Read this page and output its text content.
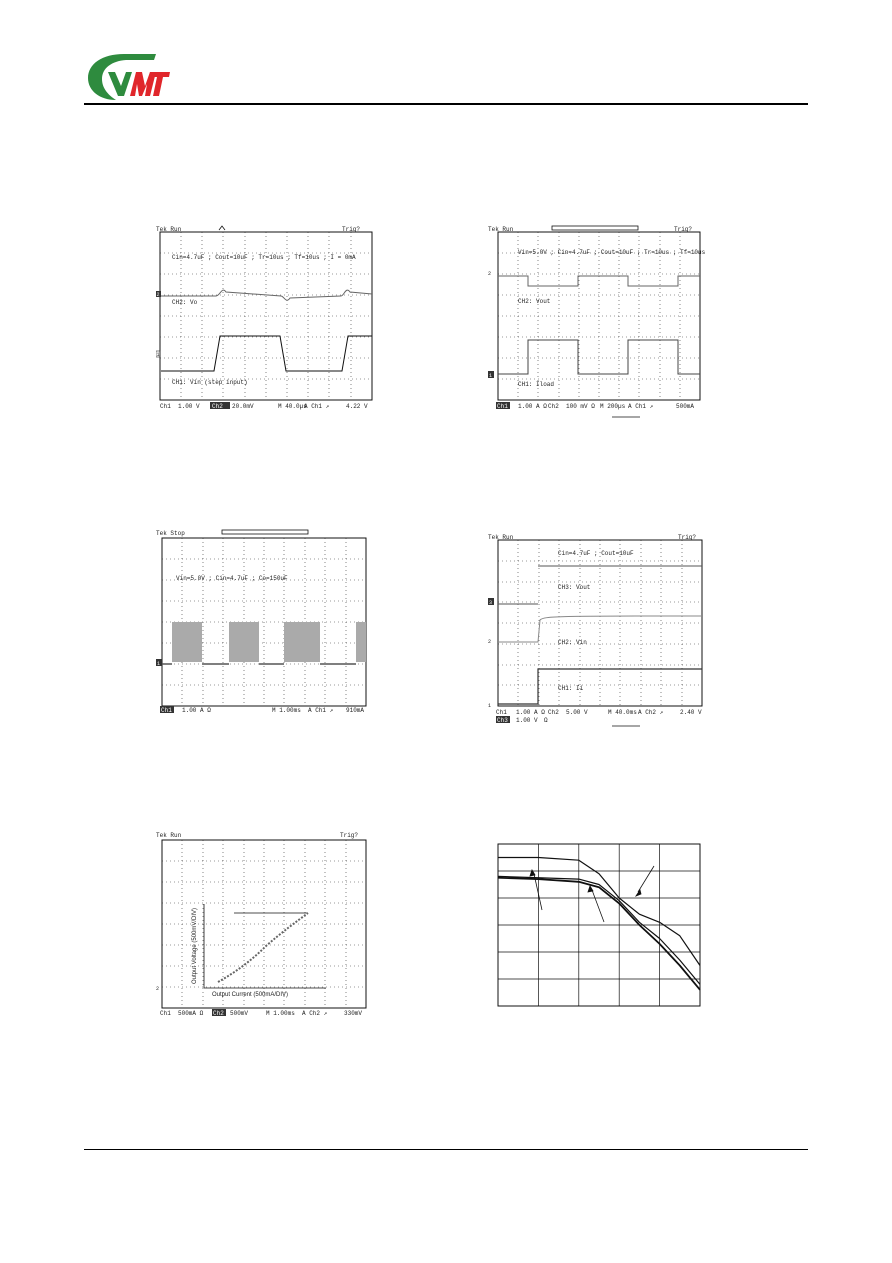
Tek Run	Trig?
Cin=4.7uF ; Cout=10uF ; Tr=10us ; Tf=10us ; I = 0mA
CH2: Vo
CH1: Vin (step input)
2
1
Ch1 1.00 V Ch2 20.0mV	M 40.0µs
A Ch1 ↗	4.22 V
Tek Run	Trig?
Vin=5.0V ; Cin=4.7uF ; Cout=10uF ; Tr=10us ; Tf=10us
CH2: Vout
CH1: Iload
1
2
Ch1 1.00 A Ω Ch2 100 mV Ω M 200µs A Ch1 ↗	500mA
Tek Stop
Vin=5.0V ; Cin=4.7uF ; Co=150uF
1
Ch1 1.00 A Ω	M 1.00ms A Ch1 ↗ 910mA
Tek Run	Trig?
Cin=4.7uF ; Cout=10uF
CH3: Vout
CH2: Vin
CH1: Ii
3
2
1
Ch1 1.00 A Ω Ch2 5.00 V	M 40.0ms A Ch2 ↗	2.40 V
Ch3 1.00 V Ω
Tek Run	Trig?
Output Voltage (500mV/DIV)
Output Current (500mA/DIV)
2
Ch1 500mA Ω Ch2 500mV	M 1.00ms A Ch2 ↗	330mV
